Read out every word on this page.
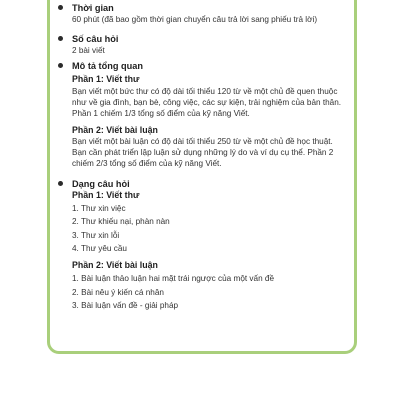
Thời gian
60 phút (đã bao gồm thời gian chuyển câu trả lời sang phiếu trả lời)
Số câu hỏi
2 bài viết
Mô tả tổng quan
Phần 1: Viết thư
Bạn viết một bức thư có độ dài tối thiểu 120 từ về một chủ đề quen thuộc
như về gia đình, bạn bè, công việc, các sự kiện, trải nghiệm của bản thân.
Phần 1 chiếm 1/3 tổng số điểm của kỹ năng Viết.
Phần 2: Viết bài luận
Bạn viết một bài luận có độ dài tối thiểu 250 từ về một chủ đề học thuật.
Bạn cần phát triển lập luận sử dụng những lý do và ví dụ cụ thể. Phần 2
chiếm 2/3 tổng số điểm của kỹ năng Viết.
Dạng câu hỏi
Phần 1: Viết thư
1. Thư xin việc
2. Thư khiếu nại, phàn nàn
3. Thư xin lỗi
4. Thư yêu cầu
Phần 2: Viết bài luận
1. Bài luận thảo luận hai mặt trái ngược của một vấn đề
2. Bài nêu ý kiến cá nhân
3. Bài luận vấn đề - giải pháp
